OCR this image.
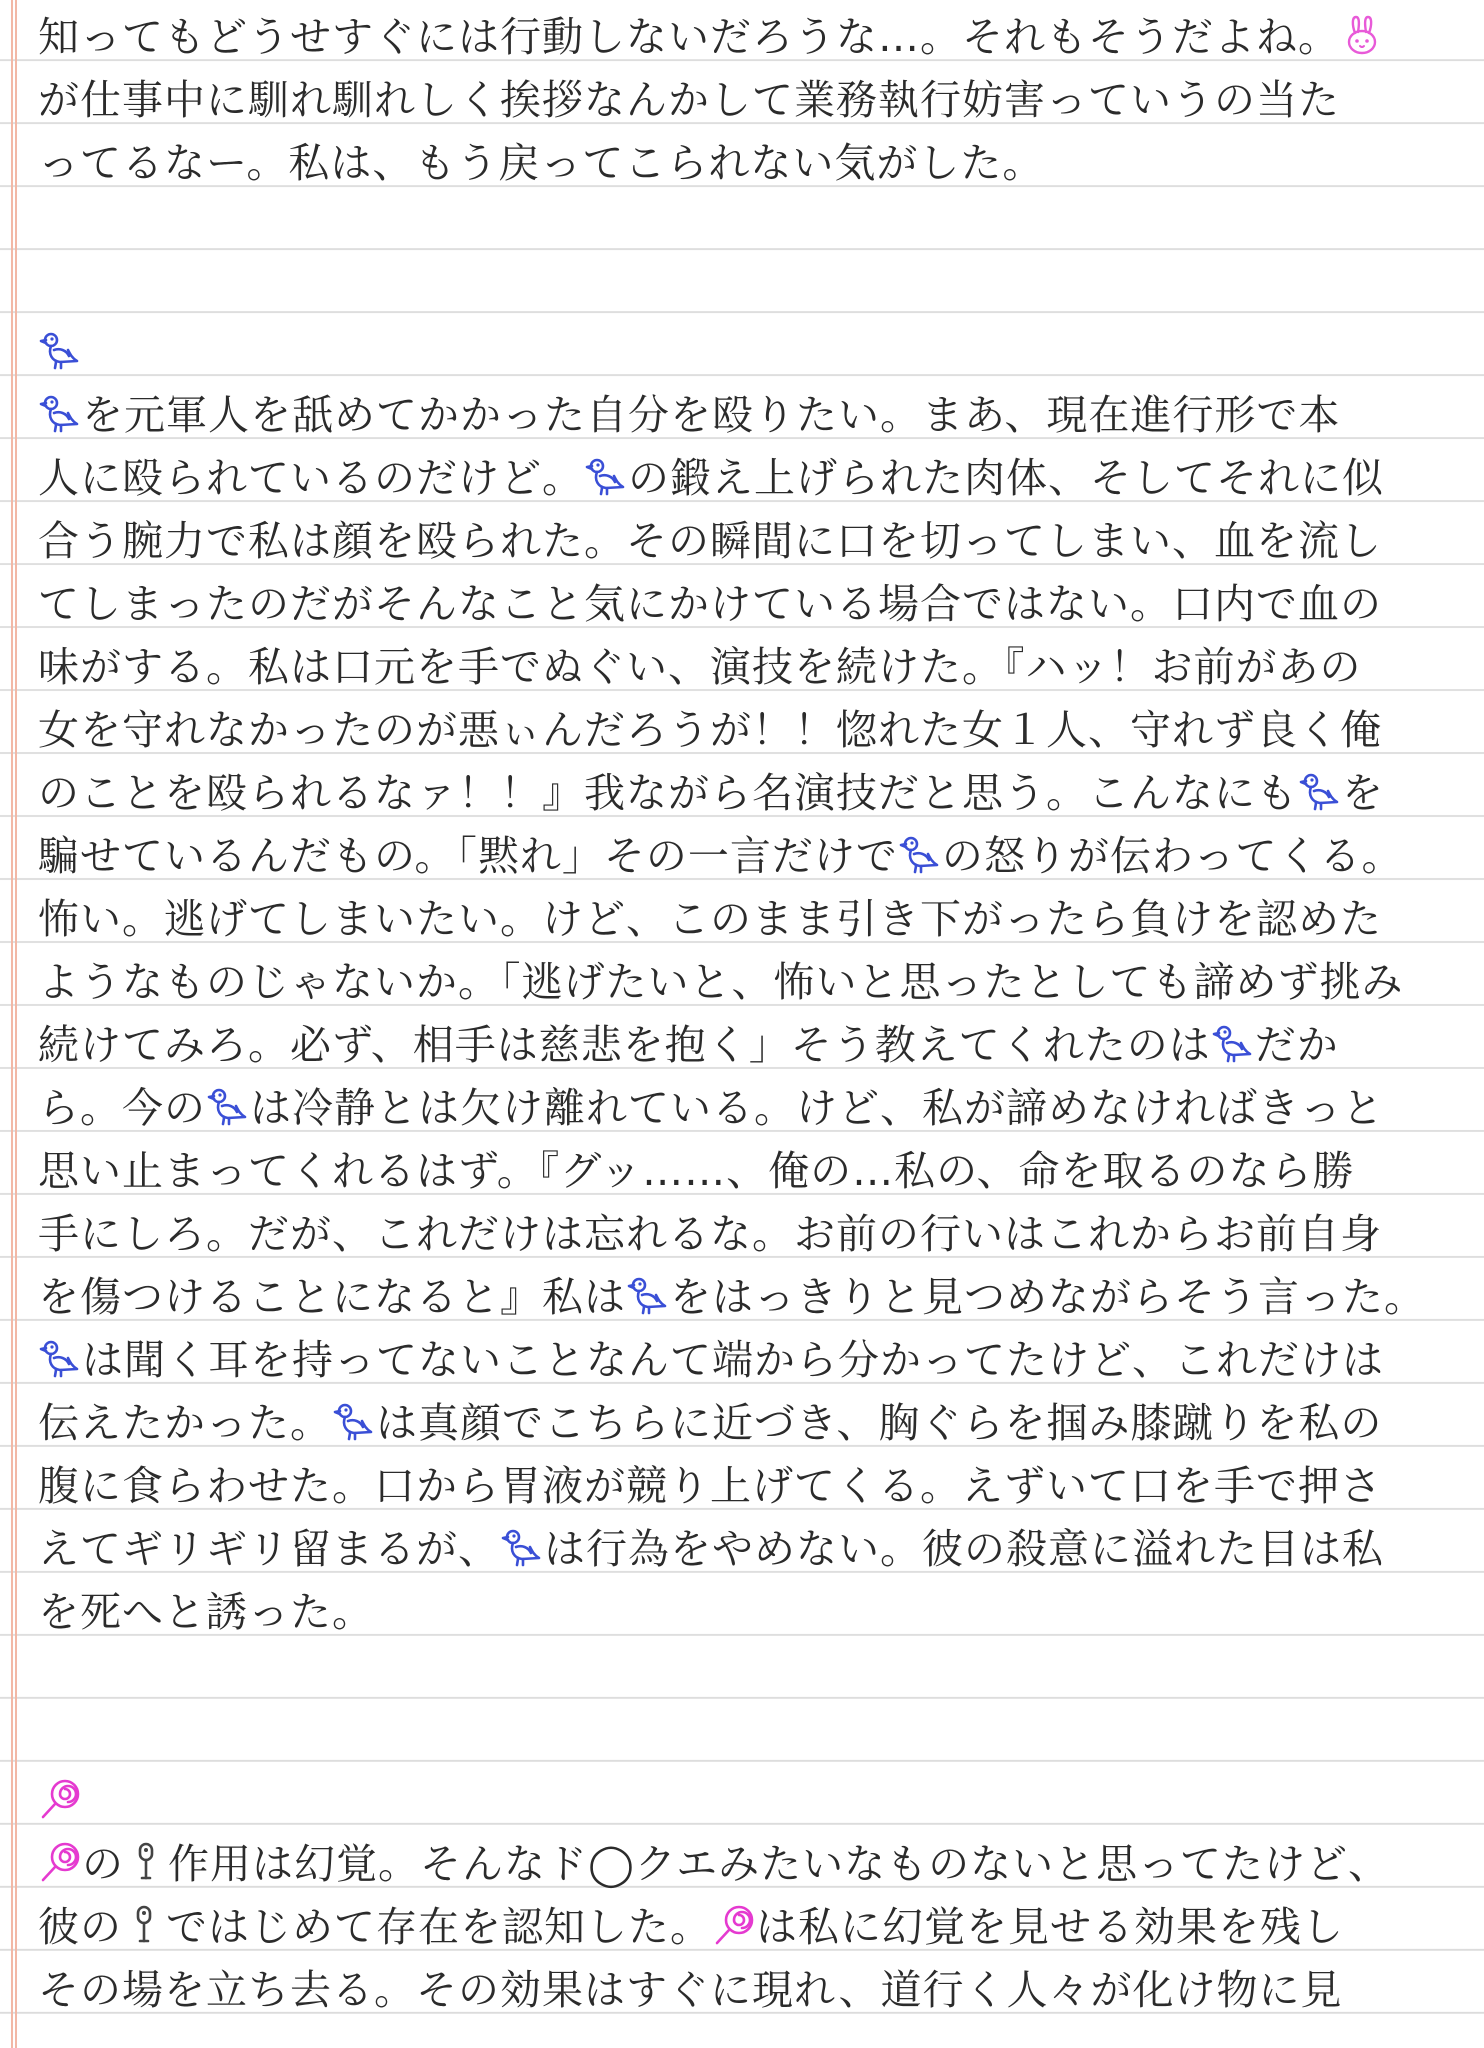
知ってもどうせすぐには行動しないだろうな…。それもそうだよね。
が仕事中に馴れ馴れしく挨拶なんかして業務執行妨害っていうの当た
ってるなー。私は、もう戻ってこられない気がした。
を元軍人を舐めてかかった自分を殴りたい。まあ、現在進行形で本
人に殴られているのだけど。 の鍛え上げられた肉体、そしてそれに似
合う腕力で私は顔を殴られた。その瞬間に口を切ってしまい、血を流し
てしまったのだがそんなこと気にかけている場合ではない。口内で血の
味がする。私は口元を手でぬぐい、演技を続けた。『ハッ！お前があの
女を守れなかったのが悪ぃんだろうが！！惚れた女１人、守れず良く俺
のことを殴られるなァ！！』我ながら名演技だと思う。こんなにも を
騙せているんだもの。「黙れ」その一言だけで の怒りが伝わってくる。
怖い。逃げてしまいたい。けど、このまま引き下がったら負けを認めた
ようなものじゃないか。「逃げたいと、怖いと思ったとしても諦めず挑み
続けてみろ。必ず、相手は慈悲を抱く」そう教えてくれたのは だか
ら。今の は冷静とは欠け離れている。けど、私が諦めなければきっと
思い止まってくれるはず。『グッ……、俺の…私の、命を取るのなら勝
手にしろ。だが、これだけは忘れるな。お前の行いはこれからお前自身
を傷つけることになると』私は をはっきりと見つめながらそう言った。
は聞く耳を持ってないことなんて端から分かってたけど、これだけは
伝えたかった。 は真顔でこちらに近づき、胸ぐらを掴み膝蹴りを私の
腹に食らわせた。口から胃液が競り上げてくる。えずいて口を手で押さ
えてギリギリ留まるが、 は行為をやめない。彼の殺意に溢れた目は私
を死へと誘った。
の 作用は幻覚。そんなド◯クエみたいなものないと思ってたけど、
彼の ではじめて存在を認知した。 は私に幻覚を見せる効果を残し
その場を立ち去る。その効果はすぐに現れ、道行く人々が化け物に見
